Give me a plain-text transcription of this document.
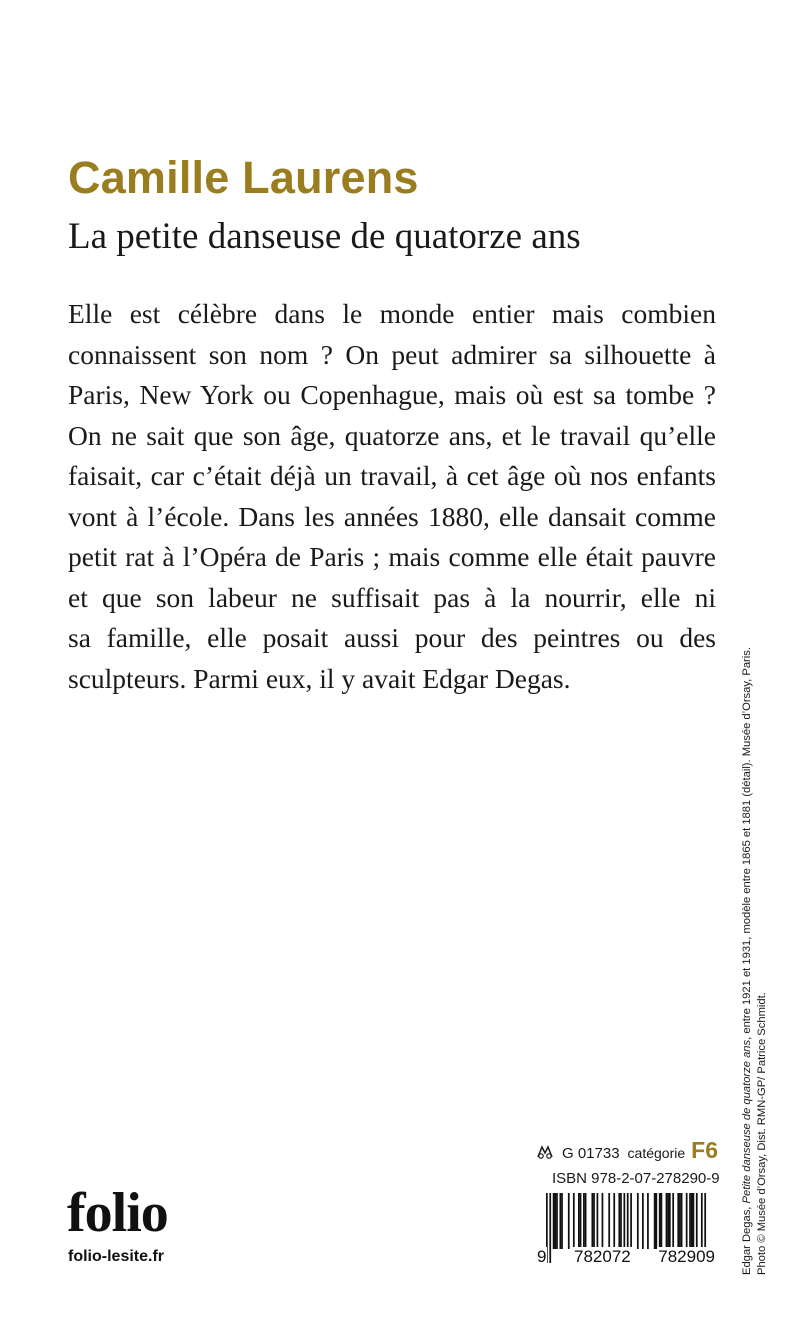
Camille Laurens
La petite danseuse de quatorze ans
Elle est célèbre dans le monde entier mais combien
connaissent son nom ? On peut admirer sa silhouette à
Paris, New York ou Copenhague, mais où est sa tombe ?
On ne sait que son âge, quatorze ans, et le travail qu’elle
faisait, car c’était déjà un travail, à cet âge où nos enfants
vont à l’école. Dans les années 1880, elle dansait comme
petit rat à l’Opéra de Paris ; mais comme elle était pauvre
et que son labeur ne suffisait pas à la nourrir, elle ni
sa famille, elle posait aussi pour des peintres ou des
sculpteurs. Parmi eux, il y avait Edgar Degas.
Edgar Degas, Petite danseuse de quatorze ans, entre 1921 et 1931, modèle entre 1865 et 1881 (détail). Musée d’Orsay, Paris.
Photo © Musée d’Orsay, Dist. RMN-GP/ Patrice Schmidt.
G 01733 catégorie F6
ISBN 978-2-07-278290-9
9 782072 782909
folio
folio-lesite.fr
